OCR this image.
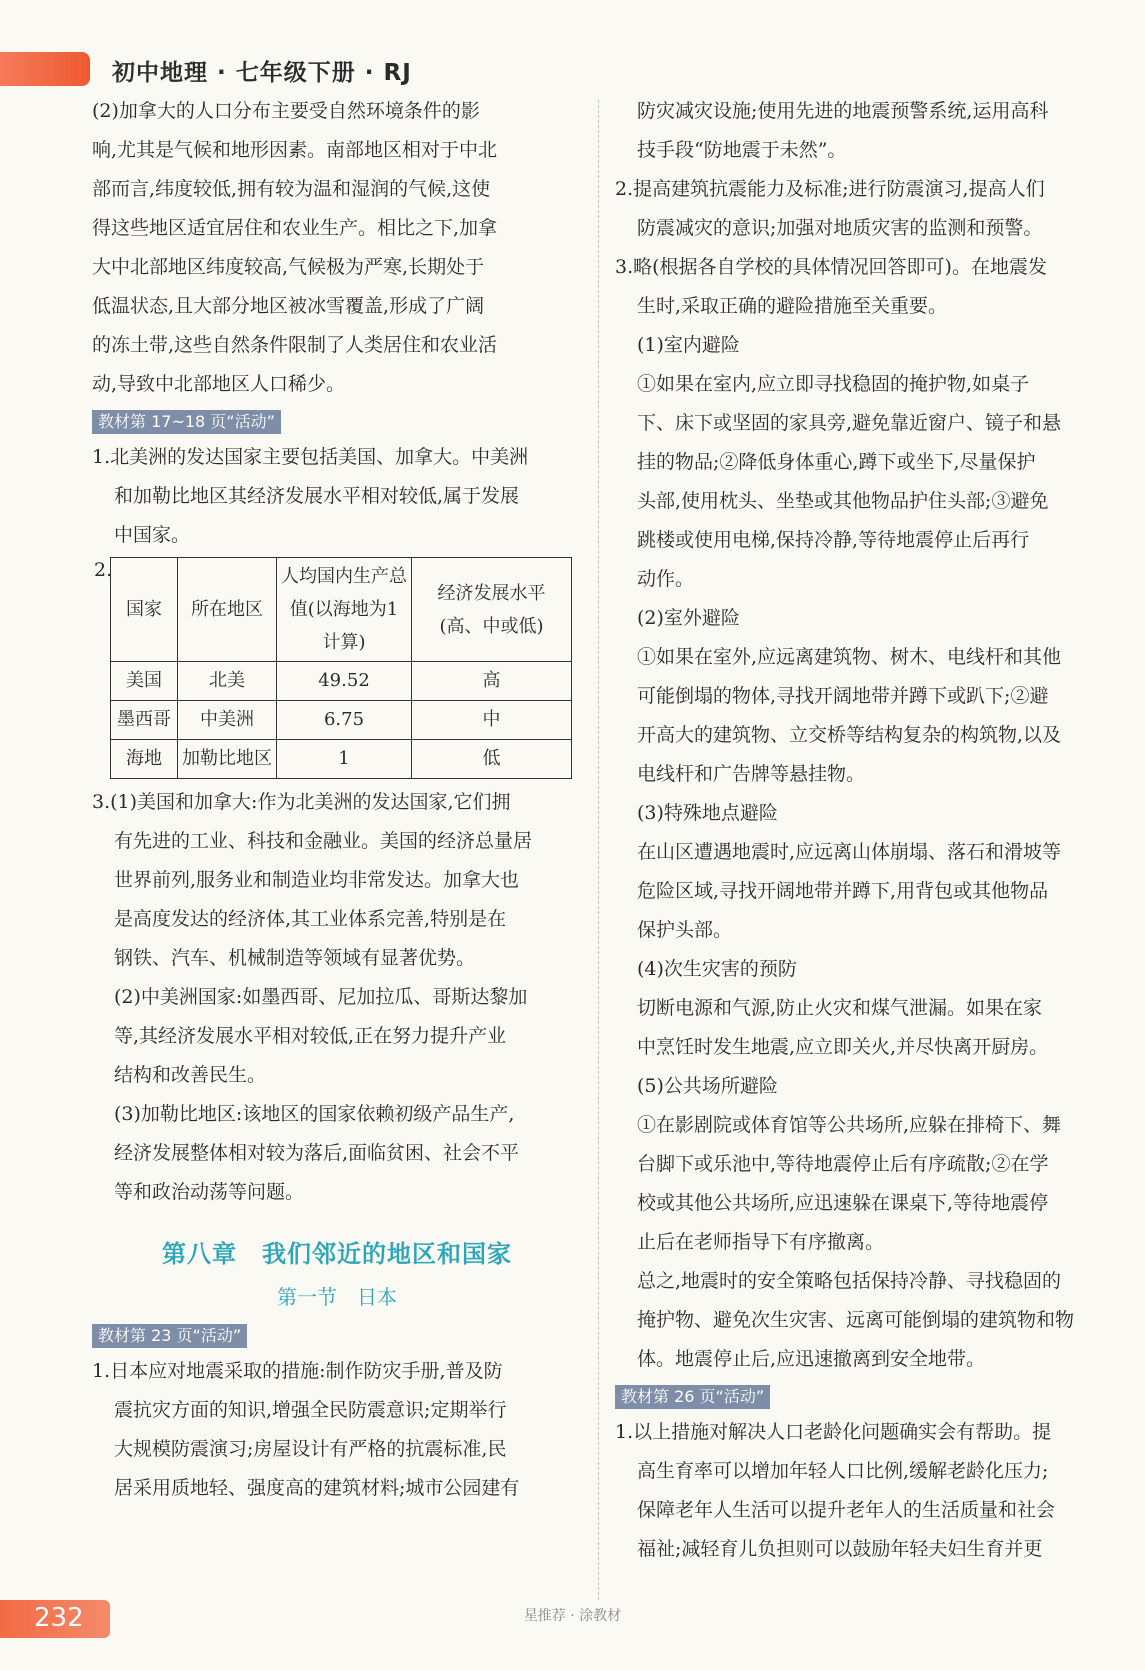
初中地理 · 七年级下册 · RJ

(2)加拿大的人口分布主要受自然环境条件的影

响,尤其是气候和地形因素。南部地区相对于中北

部而言,纬度较低,拥有较为温和湿润的气候,这使

得这些地区适宜居住和农业生产。相比之下,加拿

大中北部地区纬度较高,气候极为严寒,长期处于

低温状态,且大部分地区被冰雪覆盖,形成了广阔

的冻土带,这些自然条件限制了人类居住和农业活

动,导致中北部地区人口稀少。

教材第 17~18 页“活动”

1.北美洲的发达国家主要包括美国、加拿大。中美洲

和加勒比地区其经济发展水平相对较低,属于发展

中国家。

2.
国家	所在地区	人均国内生产总值(以海地为1计算)	经济发展水平(高、中或低)
美国	北美	49.52	高
墨西哥	中美洲	6.75	中
海地	加勒比地区	1	低

3.(1)美国和加拿大:作为北美洲的发达国家,它们拥

有先进的工业、科技和金融业。美国的经济总量居

世界前列,服务业和制造业均非常发达。加拿大也

是高度发达的经济体,其工业体系完善,特别是在

钢铁、汽车、机械制造等领域有显著优势。

(2)中美洲国家:如墨西哥、尼加拉瓜、哥斯达黎加

等,其经济发展水平相对较低,正在努力提升产业

结构和改善民生。

(3)加勒比地区:该地区的国家依赖初级产品生产,

经济发展整体相对较为落后,面临贫困、社会不平

等和政治动荡等问题。

第八章　我们邻近的地区和国家
第一节　日本
教材第 23 页“活动”

1.日本应对地震采取的措施:制作防灾手册,普及防

震抗灾方面的知识,增强全民防震意识;定期举行

大规模防震演习;房屋设计有严格的抗震标准,民

居采用质地轻、强度高的建筑材料;城市公园建有

防灾减灾设施;使用先进的地震预警系统,运用高科

技手段“防地震于未然”。

2.提高建筑抗震能力及标准;进行防震演习,提高人们

防震减灾的意识;加强对地质灾害的监测和预警。

3.略(根据各自学校的具体情况回答即可)。在地震发

生时,采取正确的避险措施至关重要。

(1)室内避险

①如果在室内,应立即寻找稳固的掩护物,如桌子

下、床下或坚固的家具旁,避免靠近窗户、镜子和悬

挂的物品;②降低身体重心,蹲下或坐下,尽量保护

头部,使用枕头、坐垫或其他物品护住头部;③避免

跳楼或使用电梯,保持冷静,等待地震停止后再行

动作。

(2)室外避险

①如果在室外,应远离建筑物、树木、电线杆和其他

可能倒塌的物体,寻找开阔地带并蹲下或趴下;②避

开高大的建筑物、立交桥等结构复杂的构筑物,以及

电线杆和广告牌等悬挂物。

(3)特殊地点避险

在山区遭遇地震时,应远离山体崩塌、落石和滑坡等

危险区域,寻找开阔地带并蹲下,用背包或其他物品

保护头部。

(4)次生灾害的预防

切断电源和气源,防止火灾和煤气泄漏。如果在家

中烹饪时发生地震,应立即关火,并尽快离开厨房。

(5)公共场所避险

①在影剧院或体育馆等公共场所,应躲在排椅下、舞

台脚下或乐池中,等待地震停止后有序疏散;②在学

校或其他公共场所,应迅速躲在课桌下,等待地震停

止后在老师指导下有序撤离。

总之,地震时的安全策略包括保持冷静、寻找稳固的

掩护物、避免次生灾害、远离可能倒塌的建筑物和物

体。地震停止后,应迅速撤离到安全地带。

教材第 26 页“活动”

1.以上措施对解决人口老龄化问题确实会有帮助。提

高生育率可以增加年轻人口比例,缓解老龄化压力;

保障老年人生活可以提升老年人的生活质量和社会

福祉;减轻育儿负担则可以鼓励年轻夫妇生育并更

232	星推荐 · 涂教材
